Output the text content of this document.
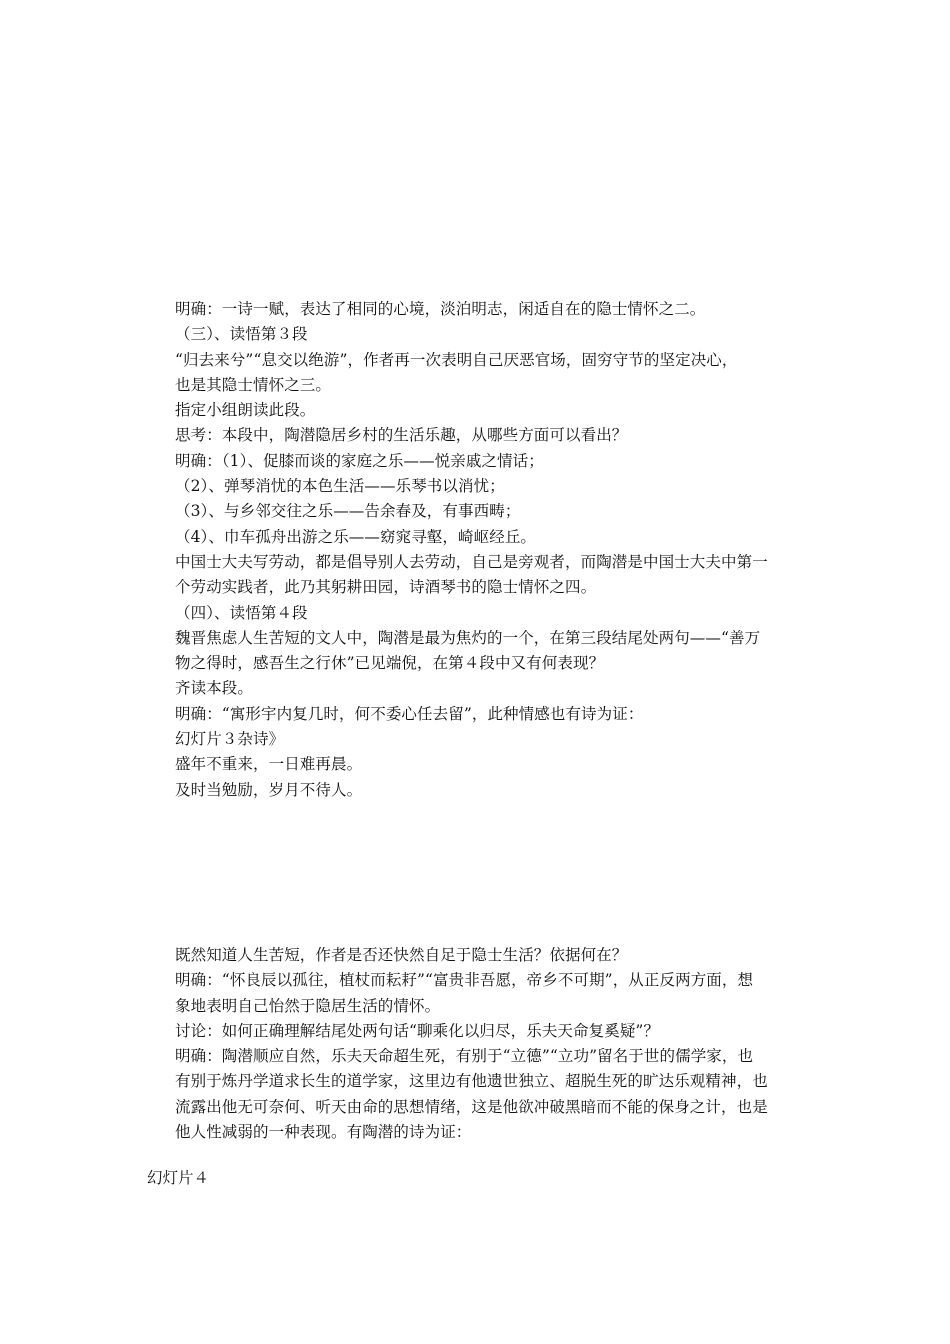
明确：一诗一赋，表达了相同的心境，淡泊明志，闲适自在的隐士情怀之二。
（三）、读悟第３段
“归去来兮”“息交以绝游”，作者再一次表明自己厌恶官场，固穷守节的坚定决心，
也是其隐士情怀之三。
指定小组朗读此段。
思考：本段中，陶潜隐居乡村的生活乐趣，从哪些方面可以看出？
明确：（1）、促膝而谈的家庭之乐——悦亲戚之情话；
（2）、弹琴消忧的本色生活——乐琴书以消忧；
（3）、与乡邻交往之乐——告余春及，有事西畴；
（4）、巾车孤舟出游之乐——窈窕寻壑，崎岖经丘。
中国士大夫写劳动，都是倡导别人去劳动，自己是旁观者，而陶潜是中国士大夫中第一
个劳动实践者，此乃其躬耕田园，诗酒琴书的隐士情怀之四。
（四）、读悟第４段
魏晋焦虑人生苦短的文人中，陶潜是最为焦灼的一个，在第三段结尾处两句——“善万
物之得时，感吾生之行休”已见端倪，在第４段中又有何表现？
齐读本段。
明确：“寓形宇内复几时，何不委心任去留”，此种情感也有诗为证：
幻灯片３杂诗》
盛年不重来，一日难再晨。
及时当勉励，岁月不待人。
既然知道人生苦短，作者是否还快然自足于隐士生活？依据何在？
明确：“怀良辰以孤往，植杖而耘耔”“富贵非吾愿，帝乡不可期”，从正反两方面，想
象地表明自己怡然于隐居生活的情怀。
讨论：如何正确理解结尾处两句话“聊乘化以归尽，乐夫天命复奚疑”？
明确：陶潜顺应自然，乐夫天命超生死，有别于“立德”“立功”留名于世的儒学家，也
有别于炼丹学道求长生的道学家，这里边有他遗世独立、超脱生死的旷达乐观精神，也
流露出他无可奈何、听天由命的思想情绪，这是他欲冲破黑暗而不能的保身之计，也是
他人性减弱的一种表现。有陶潜的诗为证：
幻灯片４
